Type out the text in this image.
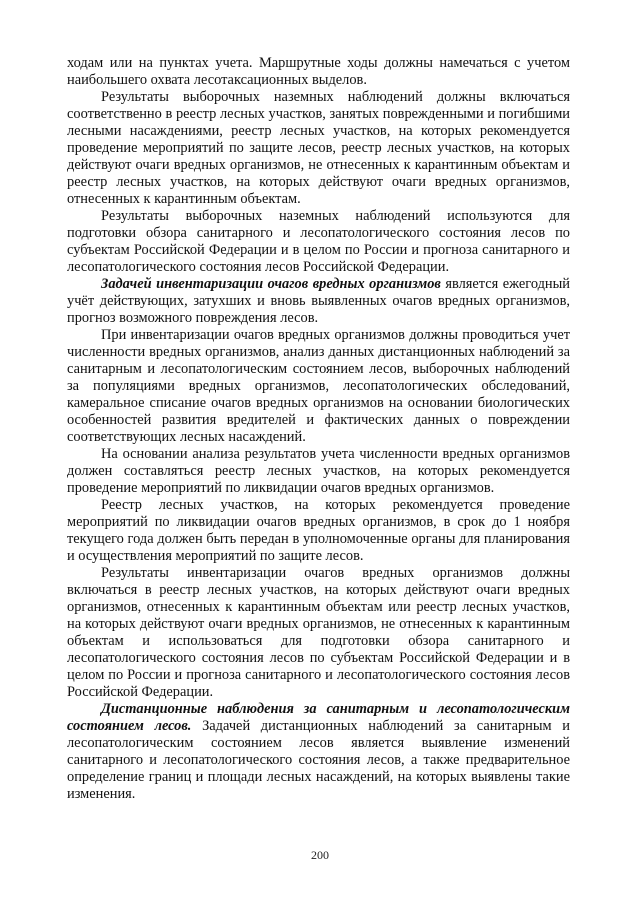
ходам или на пунктах учета. Маршрутные ходы должны намечаться с учетом наибольшего охвата лесотаксационных выделов.

Результаты выборочных наземных наблюдений должны включаться соответственно в реестр лесных участков, занятых поврежденными и погибшими лесными насаждениями, реестр лесных участков, на которых рекомендуется проведение мероприятий по защите лесов, реестр лесных участков, на которых действуют очаги вредных организмов, не отнесенных к карантинным объектам и реестр лесных участков, на которых действуют очаги вредных организмов, отнесенных к карантинным объектам.

Результаты выборочных наземных наблюдений используются для подготовки обзора санитарного и лесопатологического состояния лесов по субъектам Российской Федерации и в целом по России и прогноза санитарного и лесопатологического состояния лесов Российской Федерации.

Задачей инвентаризации очагов вредных организмов является ежегодный учёт действующих, затухших и вновь выявленных очагов вредных организмов, прогноз возможного повреждения лесов.

При инвентаризации очагов вредных организмов должны проводиться учет численности вредных организмов, анализ данных дистанционных наблюдений за санитарным и лесопатологическим состоянием лесов, выборочных наблюдений за популяциями вредных организмов, лесопатологических обследований, камеральное списание очагов вредных организмов на основании биологических особенностей развития вредителей и фактических данных о повреждении соответствующих лесных насаждений.

На основании анализа результатов учета численности вредных организмов должен составляться реестр лесных участков, на которых рекомендуется проведение мероприятий по ликвидации очагов вредных организмов.

Реестр лесных участков, на которых рекомендуется проведение мероприятий по ликвидации очагов вредных организмов, в срок до 1 ноября текущего года должен быть передан в уполномоченные органы для планирования и осуществления мероприятий по защите лесов.

Результаты инвентаризации очагов вредных организмов должны включаться в реестр лесных участков, на которых действуют очаги вредных организмов, отнесенных к карантинным объектам или реестр лесных участков, на которых действуют очаги вредных организмов, не отнесенных к карантинным объектам и использоваться для подготовки обзора санитарного и лесопатологического состояния лесов по субъектам Российской Федерации и в целом по России и прогноза санитарного и лесопатологического состояния лесов Российской Федерации.

Дистанционные наблюдения за санитарным и лесопатологическим состоянием лесов. Задачей дистанционных наблюдений за санитарным и лесопатологическим состоянием лесов является выявление изменений санитарного и лесопатологического состояния лесов, а также предварительное определение границ и площади лесных насаждений, на которых выявлены такие изменения.

200
